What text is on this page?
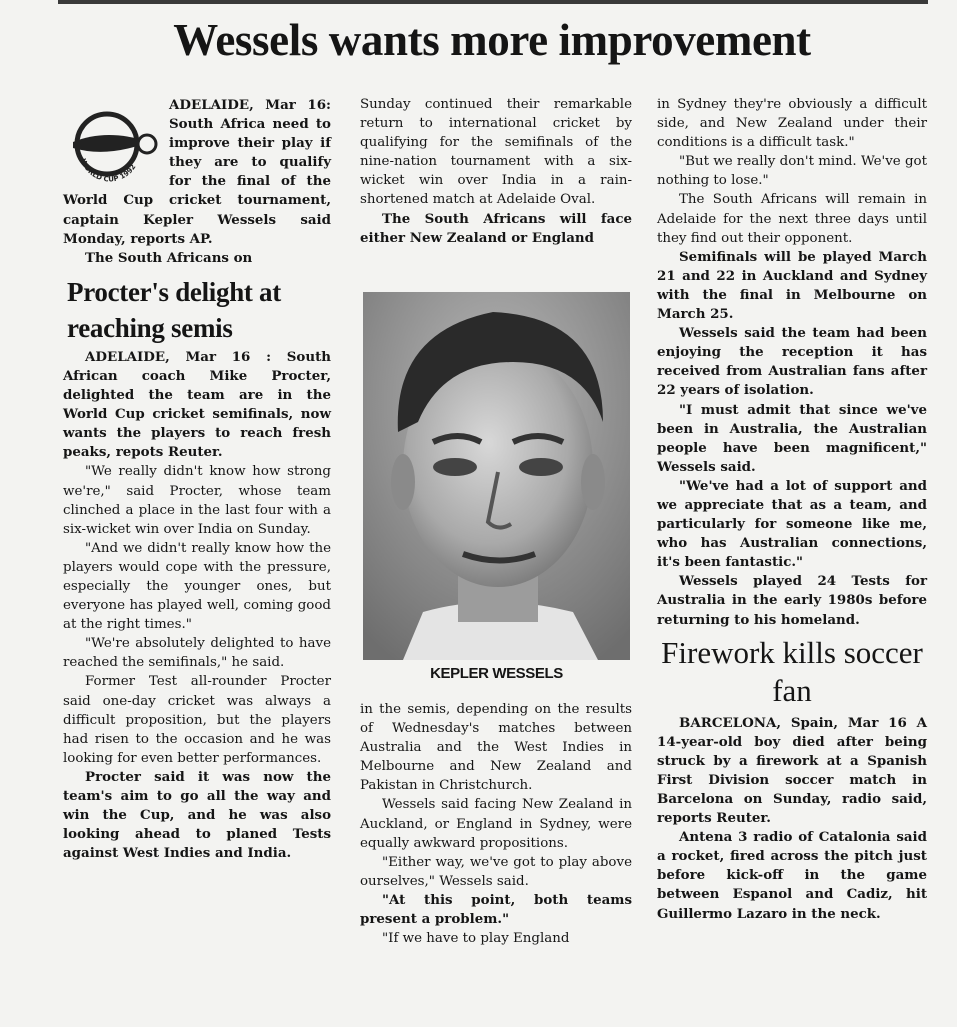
Wessels wants more improvement
WORLD CUP 1992

ADELAIDE, Mar 16: South Africa need to improve their play if they are to qualify for the final of the World Cup cricket tournament, captain Kepler Wessels said Monday, reports AP.

The South Africans on

Procter's delight at reaching semis

ADELAIDE, Mar 16 : South African coach Mike Procter, delighted the team are in the World Cup cricket semifinals, now wants the players to reach fresh peaks, repots Reuter.

"We really didn't know how strong we're," said Procter, whose team clinched a place in the last four with a six-wicket win over India on Sunday.

"And we didn't really know how the players would cope with the pressure, especially the younger ones, but everyone has played well, coming good at the right times."

"We're absolutely delighted to have reached the semifinals," he said.

Former Test all-rounder Procter said one-day cricket was always a difficult proposition, but the players had risen to the occasion and he was looking for even better performances.

Procter said it was now the team's aim to go all the way and win the Cup, and he was also looking ahead to planed Tests against West Indies and India.

Sunday continued their remarkable return to international cricket by qualifying for the semifinals of the nine-nation tournament with a six-wicket win over India in a rain-shortened match at Adelaide Oval.

The South Africans will face either New Zealand or England

KEPLER WESSELS

in the semis, depending on the results of Wednesday's matches between Australia and the West Indies in Melbourne and New Zealand and Pakistan in Christchurch.

Wessels said facing New Zealand in Auckland, or England in Sydney, were equally awkward propositions.

"Either way, we've got to play above ourselves," Wessels said.

"At this point, both teams present a problem."

"If we have to play England

in Sydney they're obviously a difficult side, and New Zealand under their conditions is a difficult task."

"But we really don't mind. We've got nothing to lose."

The South Africans will remain in Adelaide for the next three days until they find out their opponent.

Semifinals will be played March 21 and 22 in Auckland and Sydney with the final in Melbourne on March 25.

Wessels said the team had been enjoying the reception it has received from Australian fans after 22 years of isolation.

"I must admit that since we've been in Australia, the Australian people have been magnificent," Wessels said.

"We've had a lot of support and we appreciate that as a team, and particularly for someone like me, who has Australian connections, it's been fantastic."

Wessels played 24 Tests for Australia in the early 1980s before returning to his homeland.

Firework kills soccer fan

BARCELONA, Spain, Mar 16 A 14-year-old boy died after being struck by a firework at a Spanish First Division soccer match in Barcelona on Sunday, radio said, reports Reuter.

Antena 3 radio of Catalonia said a rocket, fired across the pitch just before kick-off in the game between Espanol and Cadiz, hit Guillermo Lazaro in the neck.
